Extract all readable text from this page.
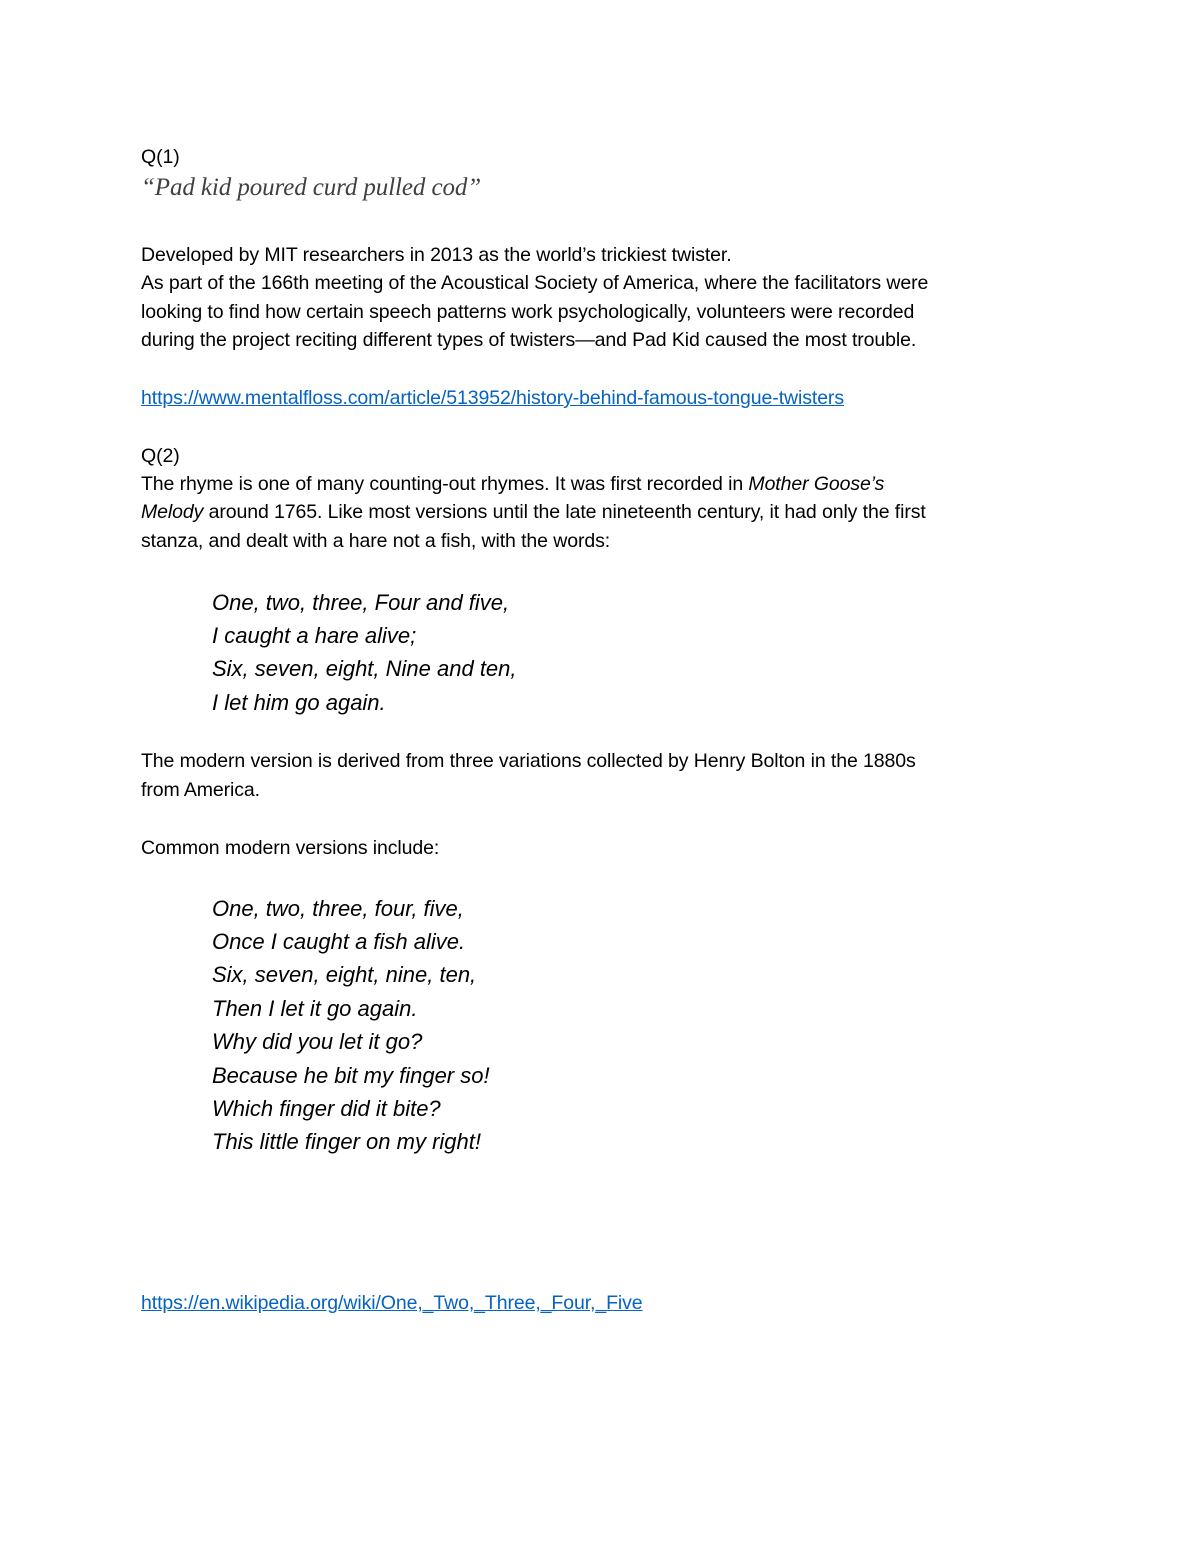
Q(1)
“Pad kid poured curd pulled cod”
Developed by MIT researchers in 2013 as the world’s trickiest twister.
As part of the 166th meeting of the Acoustical Society of America, where the facilitators were
looking to find how certain speech patterns work psychologically, volunteers were recorded
during the project reciting different types of twisters—and Pad Kid caused the most trouble.
https://www.mentalfloss.com/article/513952/history-behind-famous-tongue-twisters
Q(2)
The rhyme is one of many counting-out rhymes. It was first recorded in Mother Goose’s
Melody around 1765. Like most versions until the late nineteenth century, it had only the first
stanza, and dealt with a hare not a fish, with the words:
One, two, three, Four and five,
I caught a hare alive;
Six, seven, eight, Nine and ten,
I let him go again.
The modern version is derived from three variations collected by Henry Bolton in the 1880s
from America.
Common modern versions include:
One, two, three, four, five,
Once I caught a fish alive.
Six, seven, eight, nine, ten,
Then I let it go again.
Why did you let it go?
Because he bit my finger so!
Which finger did it bite?
This little finger on my right!
https://en.wikipedia.org/wiki/One,_Two,_Three,_Four,_Five
